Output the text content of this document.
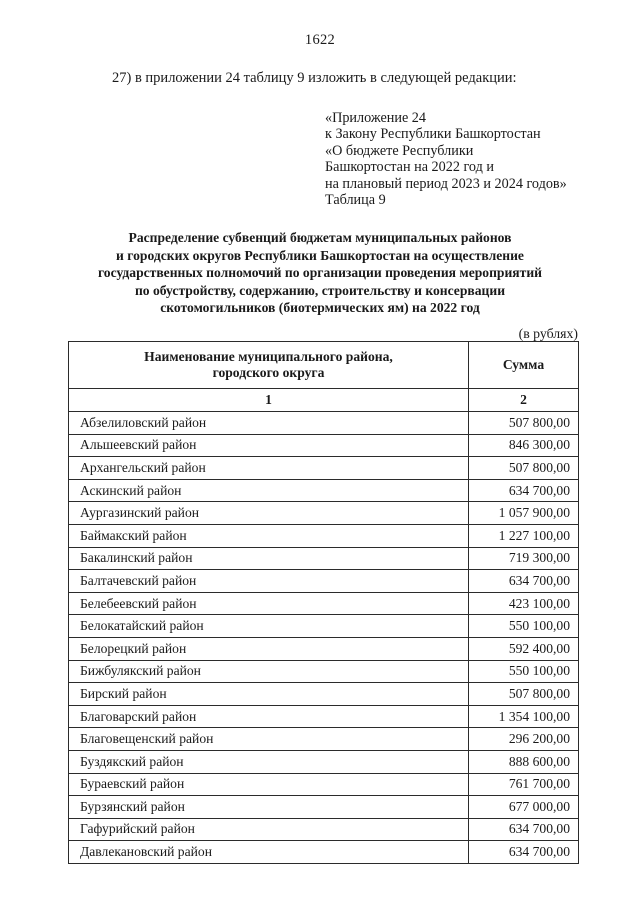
1622
27) в приложении 24 таблицу 9 изложить в следующей редакции:
«Приложение 24
к Закону Республики Башкортостан
«О бюджете Республики
Башкортостан на 2022 год и
на плановый период 2023 и 2024 годов»
Таблица 9
Распределение субвенций бюджетам муниципальных районов
и городских округов Республики Башкортостан на осуществление
государственных полномочий по организации проведения мероприятий
по обустройству, содержанию, строительству и консервации
скотомогильников (биотермических ям) на 2022 год
(в рублях)
Наименование муниципального района,
городского округа	Сумма
1	2
Абзелиловский район	507 800,00
Альшеевский район	846 300,00
Архангельский район	507 800,00
Аскинский район	634 700,00
Аургазинский район	1 057 900,00
Баймакский район	1 227 100,00
Бакалинский район	719 300,00
Балтачевский район	634 700,00
Белебеевский район	423 100,00
Белокатайский район	550 100,00
Белорецкий район	592 400,00
Бижбулякский район	550 100,00
Бирский район	507 800,00
Благоварский район	1 354 100,00
Благовещенский район	296 200,00
Буздякский район	888 600,00
Бураевский район	761 700,00
Бурзянский район	677 000,00
Гафурийский район	634 700,00
Давлекановский район	634 700,00
